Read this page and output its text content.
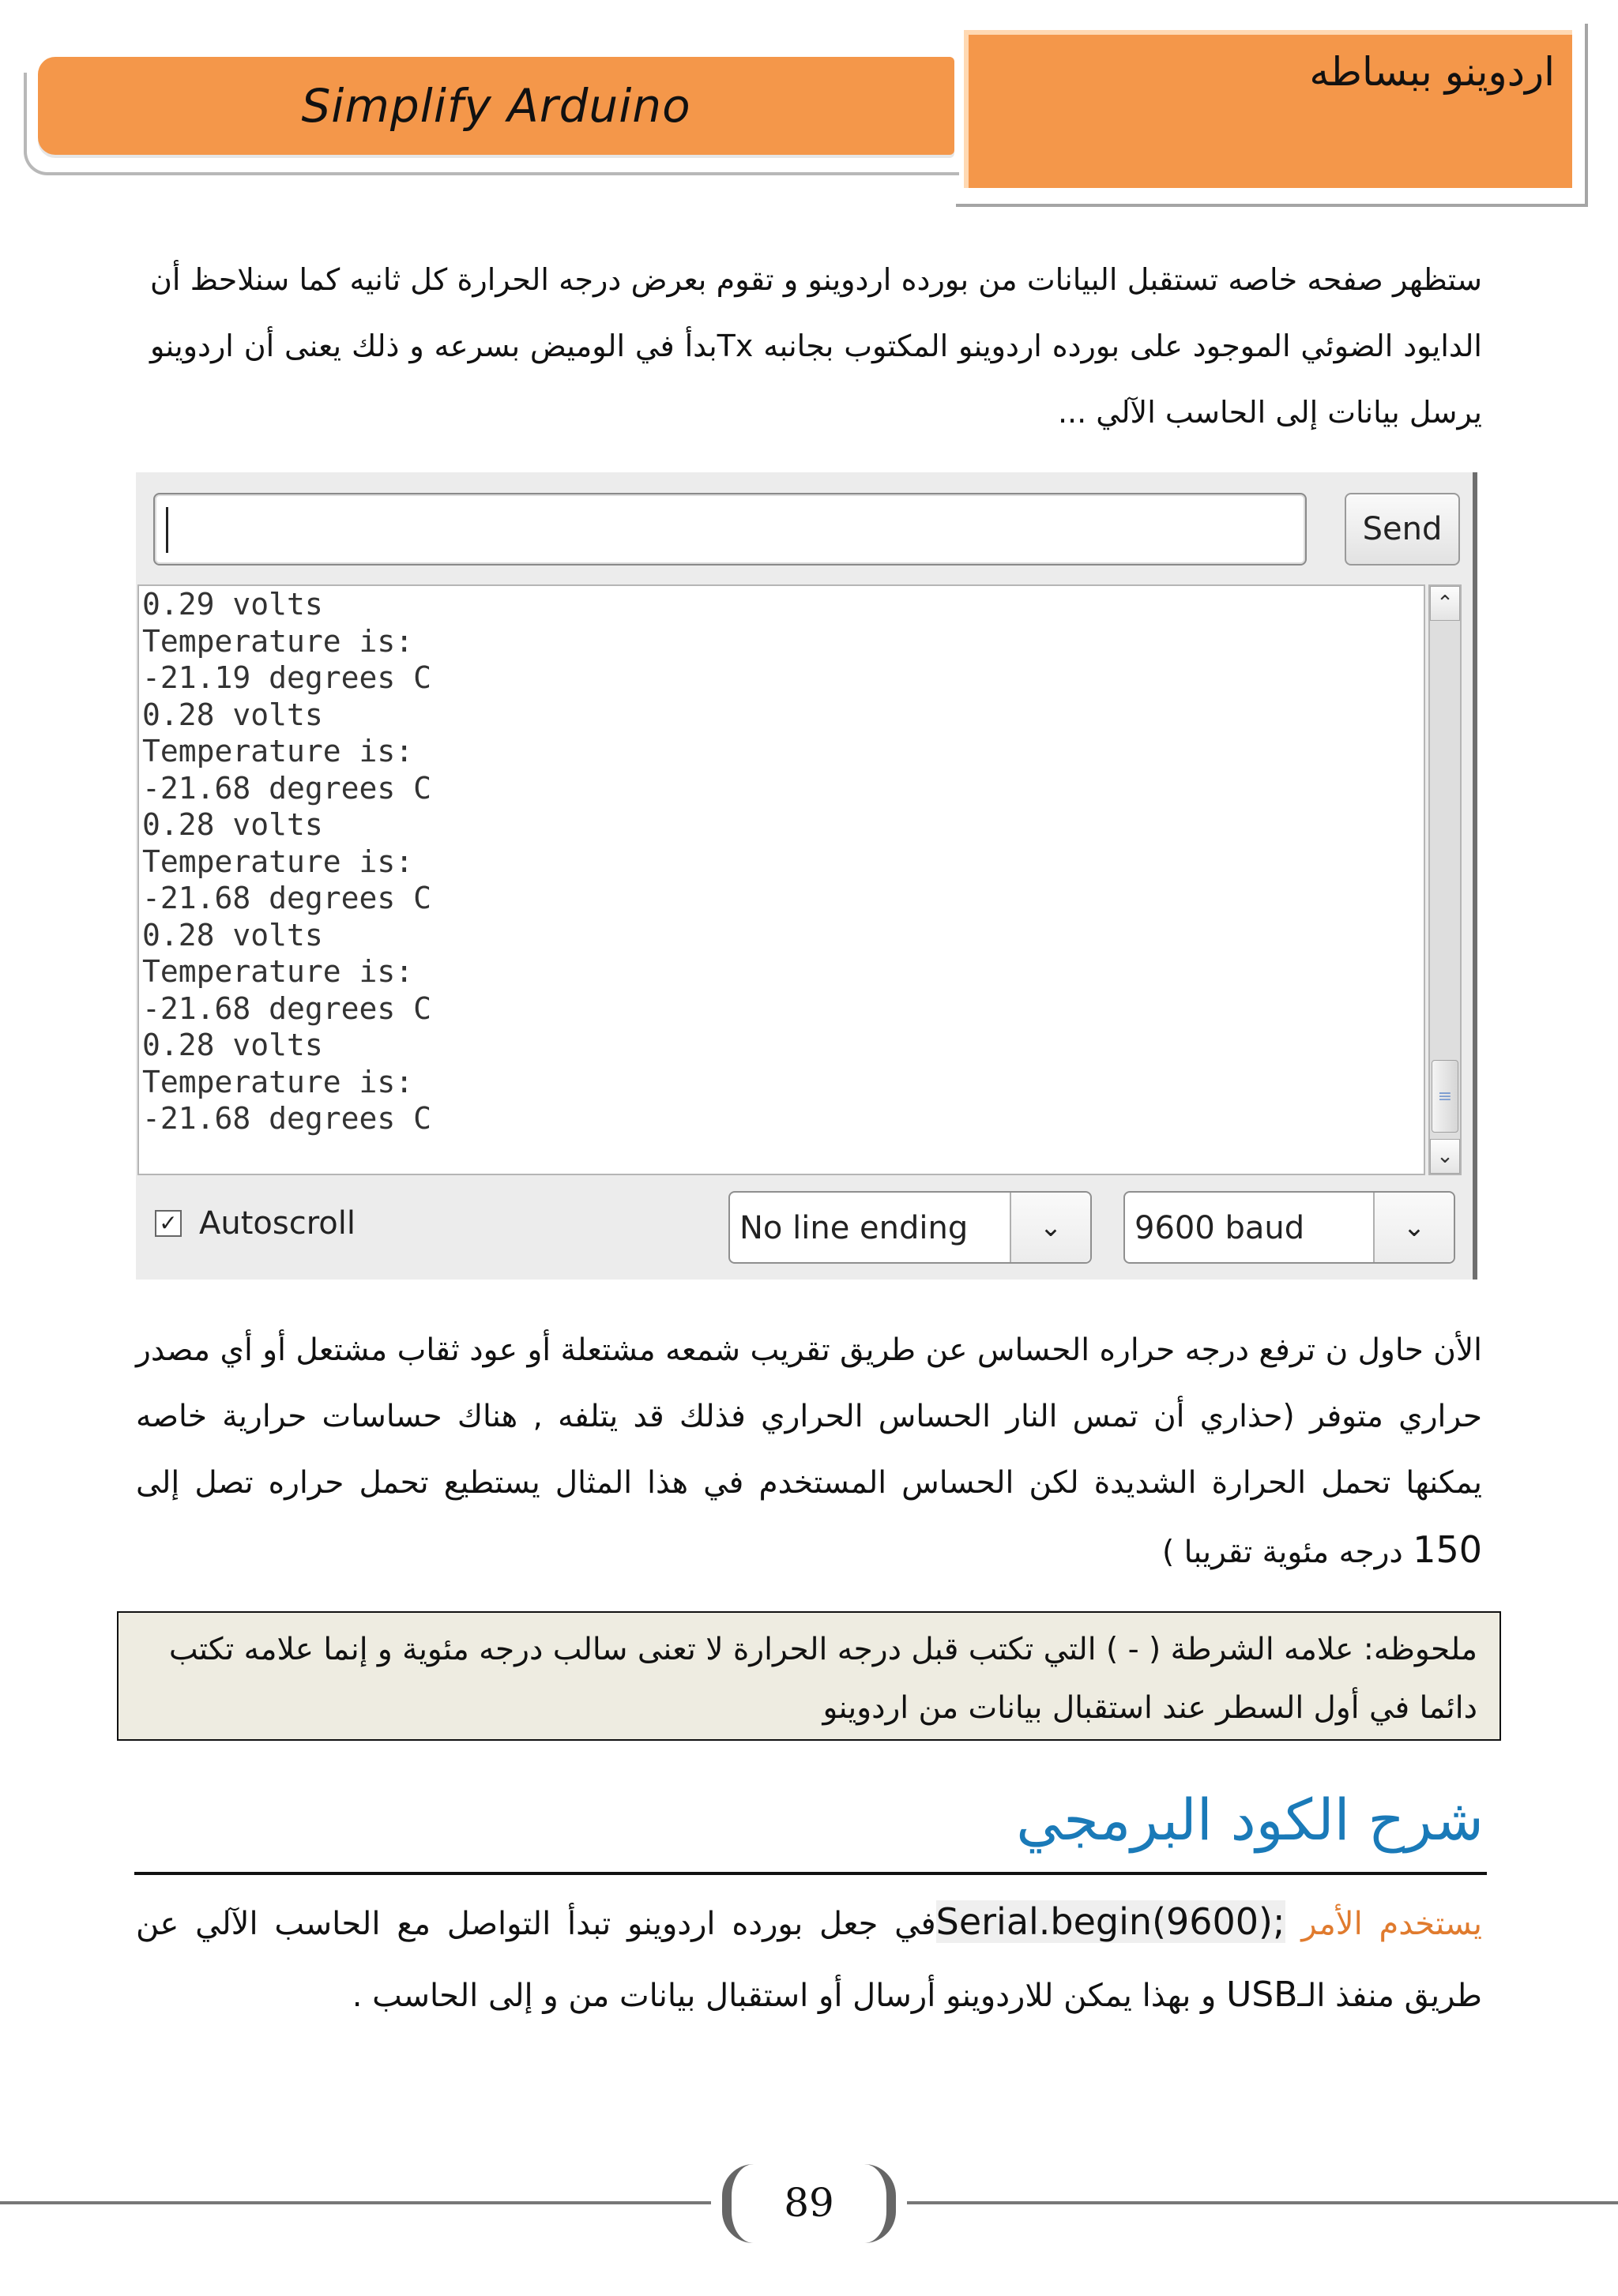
Simplify Arduino
اردوينو ببساطه
ستظهر صفحه خاصه تستقبل البيانات من بورده اردوينو و تقوم بعرض درجه الحرارة كل ثانيه كما سنلاحظ أن الدايود الضوئي الموجود على بورده اردوينو المكتوب بجانبه Txبدأ في الوميض بسرعه و ذلك يعنى أن اردوينو يرسل بيانات إلى الحاسب الآلي ...
Send
0.29 volts
Temperature is:
-21.19 degrees C
0.28 volts
Temperature is:
-21.68 degrees C
0.28 volts
Temperature is:
-21.68 degrees C
0.28 volts
Temperature is:
-21.68 degrees C
0.28 volts
Temperature is:
-21.68 degrees C
⌃
≡
⌄
✓ Autoscroll	No line ending	⌄	9600 baud	⌄
الأن حاول ن ترفع درجه حراره الحساس عن طريق تقريب شمعه مشتعلة أو عود ثقاب مشتعل أو أي مصدر حراري متوفر (حذاري أن تمس النار الحساس الحراري فذلك قد يتلفه , هناك حساسات حرارية خاصه يمكنها تحمل الحرارة الشديدة لكن الحساس المستخدم في هذا المثال يستطيع تحمل حراره تصل إلى 150 درجه مئوية تقريبا )
ملحوظه: علامه الشرطة ( - ) التي تكتب قبل درجه الحرارة لا تعنى سالب درجه مئوية و إنما علامه تكتب دائما في أول السطر عند استقبال بيانات من اردوينو
شرح الكود البرمجي
يستخدم الأمر Serial.begin(9600);في جعل بورده اردوينو تبدأ التواصل مع الحاسب الآلي عن طريق منفذ الـUSB و بهذا يمكن للاردوينو أرسال أو استقبال بيانات من و إلى الحاسب .
89
